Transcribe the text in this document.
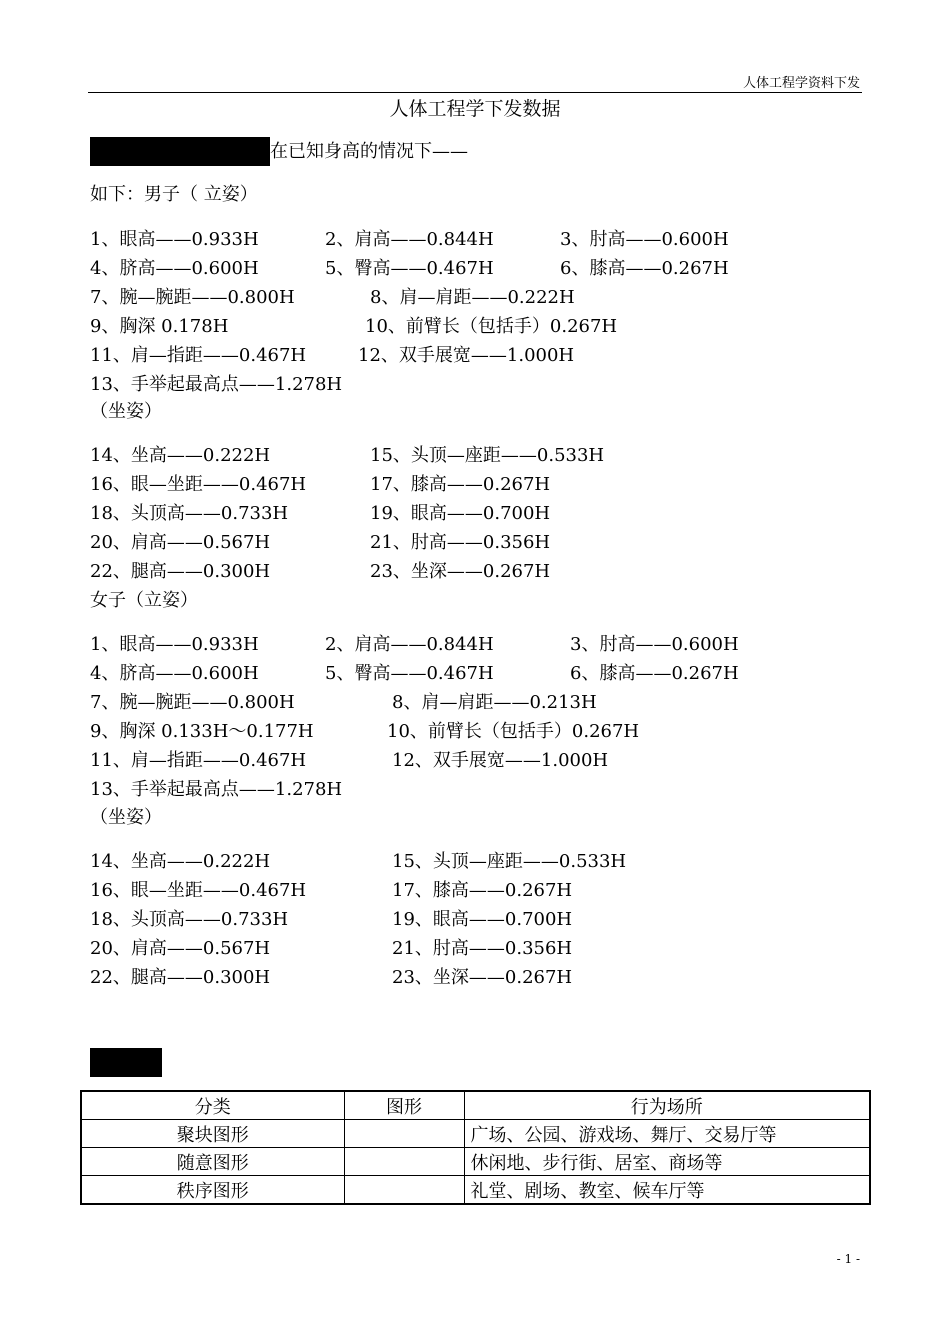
人体工程学资料下发
人体工程学下发数据
由身高计算各部分尺寸在已知身高的情况下——
如下：男子（ 立姿）
1、眼高——0.933H	2、肩高——0.844H	3、肘高——0.600H
4、脐高——0.600H	5、臀高——0.467H	6、膝高——0.267H
7、腕—腕距——0.800H	8、肩—肩距——0.222H
9、胸深 0.178H	10、前臂长（包括手）0.267H
11、肩—指距——0.467H	12、双手展宽——1.000H
13、手举起最高点——1.278H
（坐姿）
14、坐高——0.222H	15、头顶—座距——0.533H
16、眼—坐距——0.467H	17、膝高——0.267H
18、头顶高——0.733H	19、眼高——0.700H
20、肩高——0.567H	21、肘高——0.356H
22、腿高——0.300H	23、坐深——0.267H
女子（立姿）
1、眼高——0.933H	2、肩高——0.844H	3、肘高——0.600H
4、脐高——0.600H	5、臀高——0.467H	6、膝高——0.267H
7、腕—腕距——0.800H	8、肩—肩距——0.213H
9、胸深 0.133H～0.177H	10、前臂长（包括手）0.267H
11、肩—指距——0.467H	12、双手展宽——1.000H
13、手举起最高点——1.278H
（坐姿）
14、坐高——0.222H	15、头顶—座距——0.533H
16、眼—坐距——0.467H	17、膝高——0.267H
18、头顶高——0.733H	19、眼高——0.700H
20、肩高——0.567H	21、肘高——0.356H
22、腿高——0.300H	23、坐深——0.267H
空间分析
分类	图形	行为场所
聚块图形		广场、公园、游戏场、舞厅、交易厅等
随意图形		休闲地、步行街、居室、商场等
秩序图形		礼堂、剧场、教室、候车厅等
- 1 -
